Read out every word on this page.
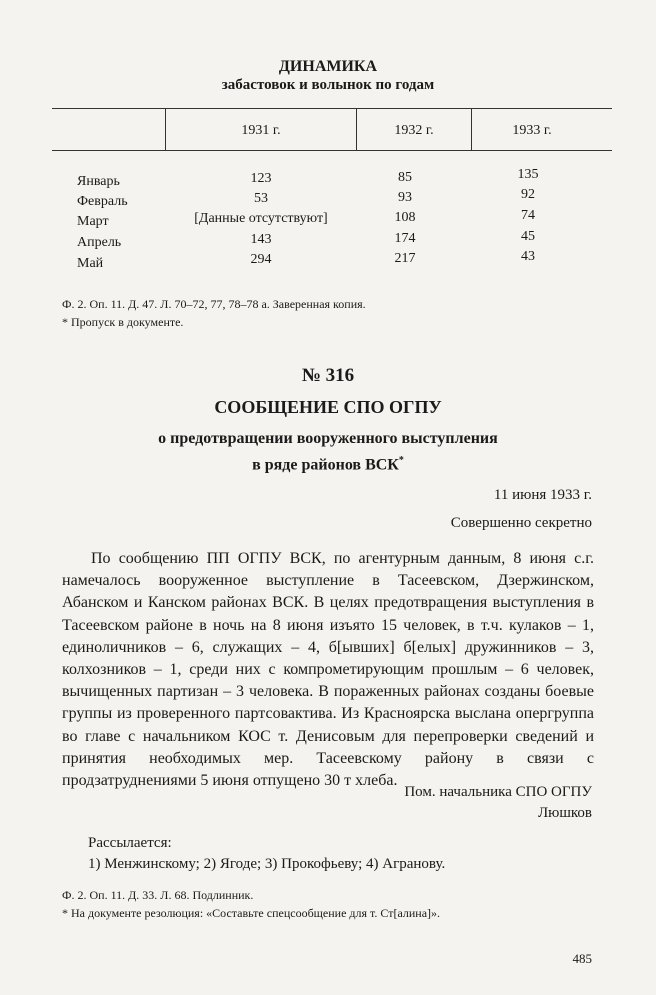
ДИНАМИКА
забастовок и волынок по годам
1931 г.	1932 г.	1933 г.
Январь	123	85	135
Февраль	53	93	92
Март	[Данные отсутствуют]	108	74
Апрель	143	174	45
Май	294	217	43
Ф. 2. Оп. 11. Д. 47. Л. 70–72, 77, 78–78 а. Заверенная копия.
* Пропуск в документе.
№ 316
СООБЩЕНИЕ СПО ОГПУ
о предотвращении вооруженного выступления
в ряде районов ВСК*
11 июня 1933 г.
Совершенно секретно
По сообщению ПП ОГПУ ВСК, по агентурным данным, 8 июня с.г. намечалось вооруженное выступление в Тасеевском, Дзержинском, Абанском и Канском районах ВСК. В целях предотвращения выступления в Тасеевском районе в ночь на 8 июня изъято 15 человек, в т.ч. кулаков – 1, единоличников – 6, служащих – 4, б[ывших] б[елых] дружинников – 3, колхозников – 1, среди них с компрометирующим прошлым – 6 человек, вычищенных партизан – 3 человека. В пораженных районах созданы боевые группы из проверенного партсовактива. Из Красноярска выслана опергруппа во главе с начальником КОС т. Денисовым для перепроверки сведений и принятия необходимых мер. Тасеевскому району в связи с продзатруднениями 5 июня отпущено 30 т хлеба.
Пом. начальника СПО ОГПУ
Люшков
Рассылается:
1) Менжинскому; 2) Ягоде; 3) Прокофьеву; 4) Агранову.
Ф. 2. Оп. 11. Д. 33. Л. 68. Подлинник.
* На документе резолюция: «Составьте спецсообщение для т. Ст[алина]».
485
